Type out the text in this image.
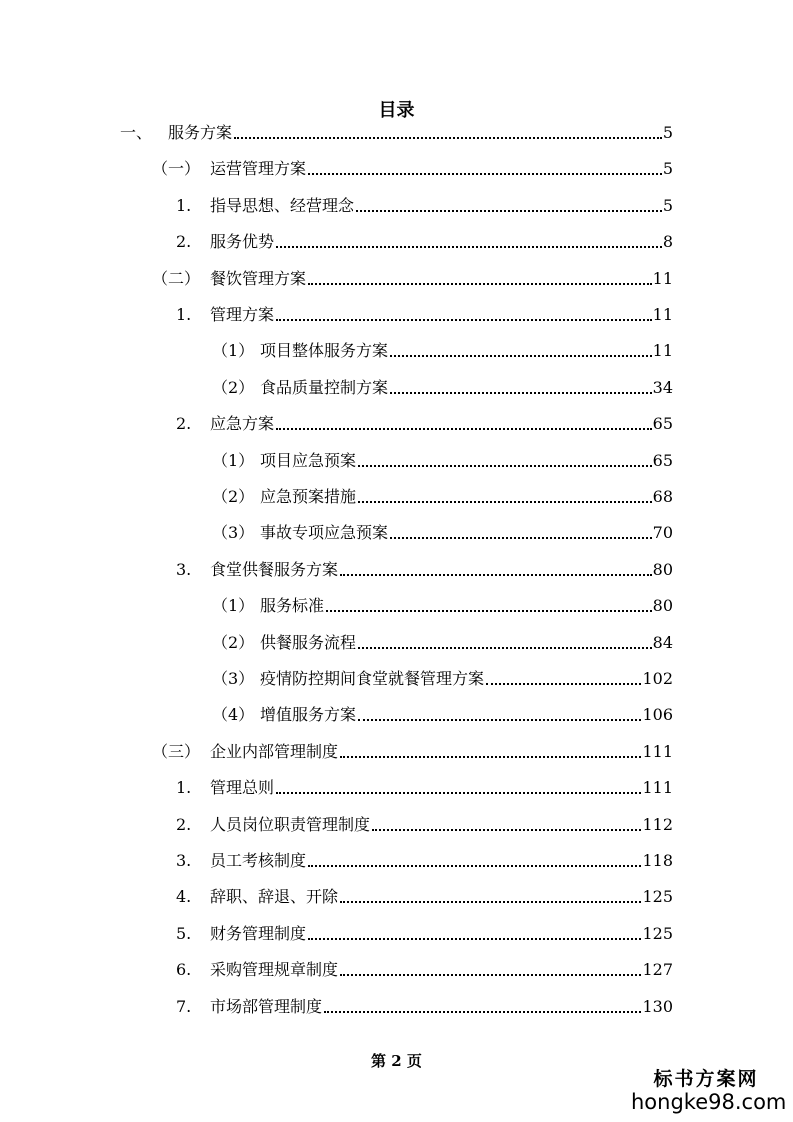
目录
一、 服务方案	5
（一） 运营管理方案	5
1.	指导思想、经营理念	5
2.	服务优势	8
（二） 餐饮管理方案	11
1.	管理方案	11
（1） 项目整体服务方案	11
（2） 食品质量控制方案	34
2.	应急方案	65
（1） 项目应急预案	65
（2） 应急预案措施	68
（3） 事故专项应急预案	70
3.	食堂供餐服务方案	80
（1） 服务标准	80
（2） 供餐服务流程	84
（3） 疫情防控期间食堂就餐管理方案	102
（4） 增值服务方案	106
（三） 企业内部管理制度	111
1.	管理总则	111
2.	人员岗位职责管理制度	112
3.	员工考核制度	118
4.	辞职、辞退、开除	125
5.	财务管理制度	125
6.	采购管理规章制度	127
7.	市场部管理制度	130
第 2 页
标书方案网
hongke98.com
